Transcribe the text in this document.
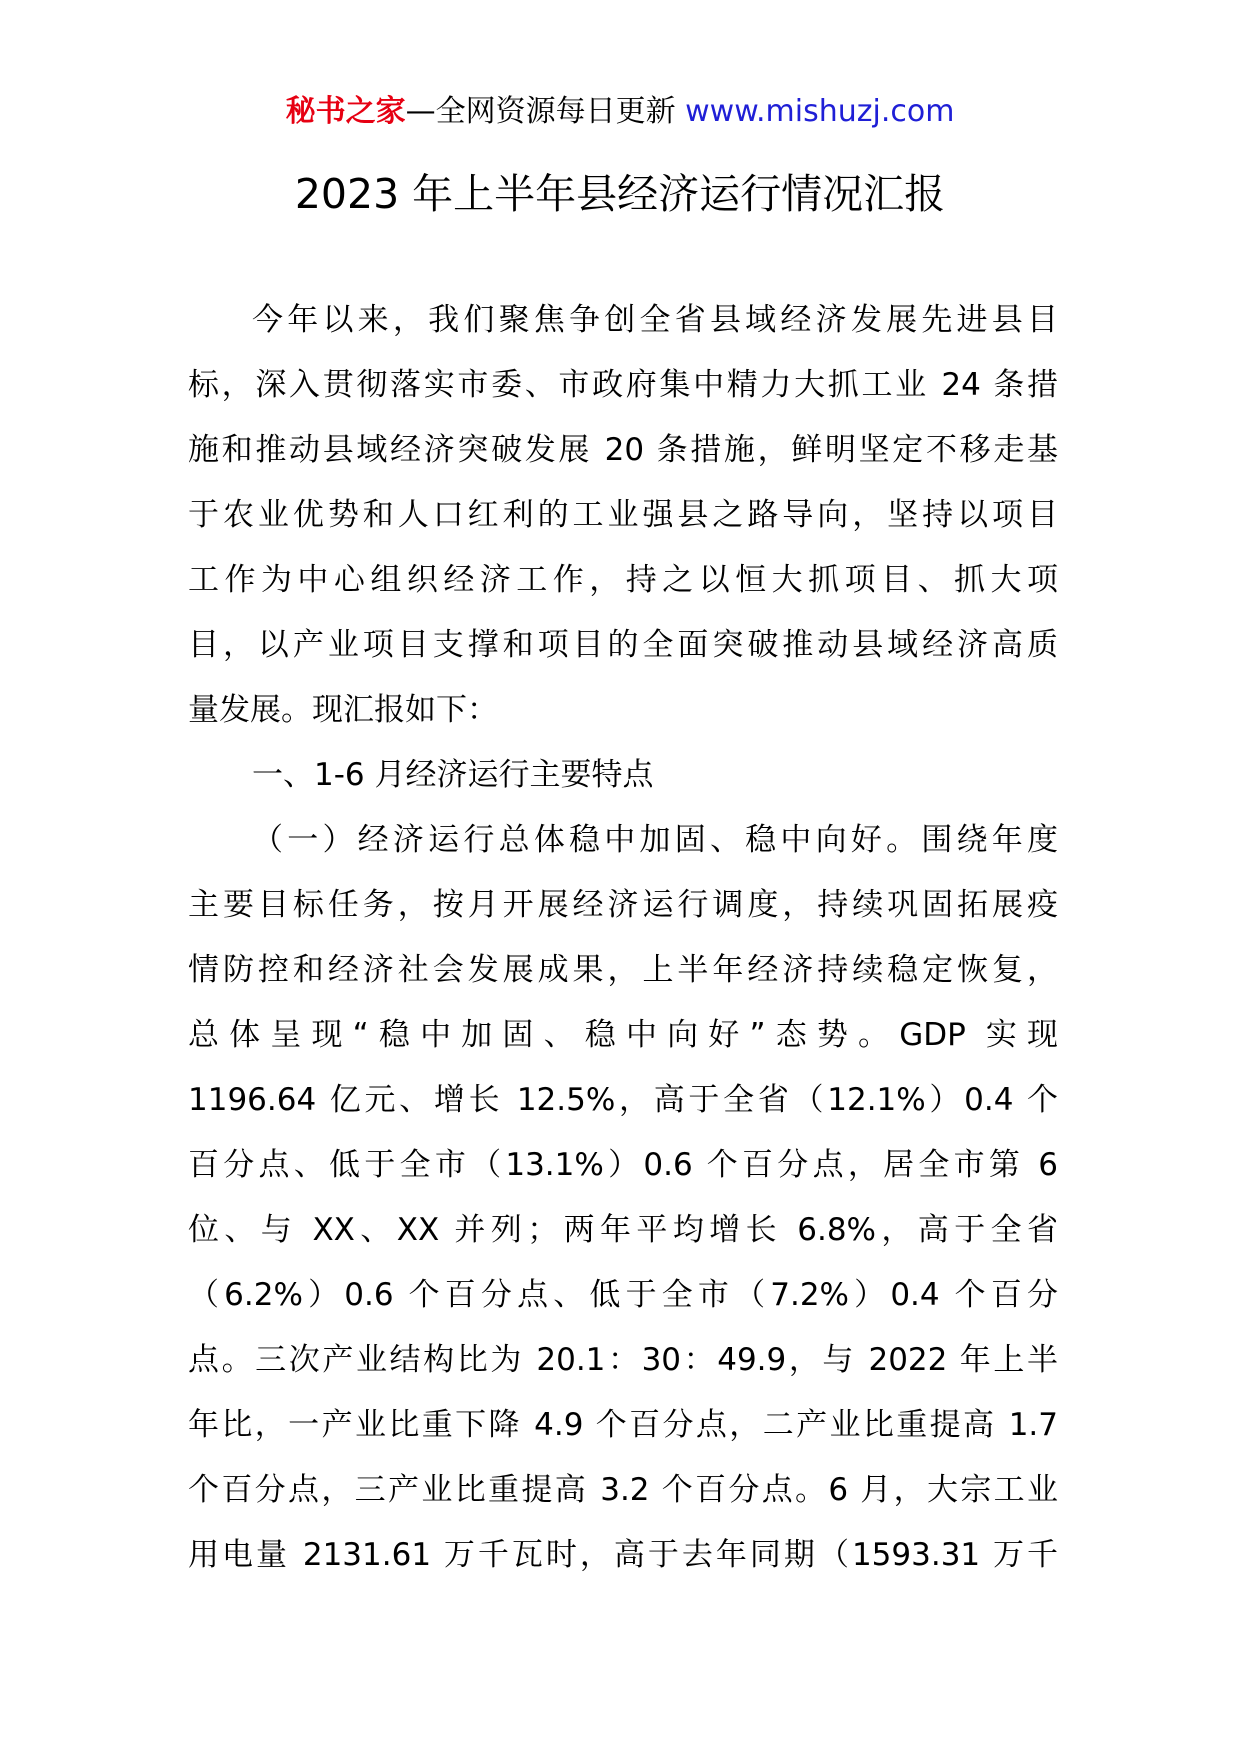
秘书之家—全网资源每日更新 www.mishuzj.com
2023 年上半年县经济运行情况汇报
今年以来，我们聚焦争创全省县域经济发展先进县目
标，深入贯彻落实市委、市政府集中精力大抓工业 24 条措
施和推动县域经济突破发展 20 条措施，鲜明坚定不移走基
于农业优势和人口红利的工业强县之路导向，坚持以项目
工作为中心组织经济工作，持之以恒大抓项目、抓大项
目，以产业项目支撑和项目的全面突破推动县域经济高质
量发展。现汇报如下：
一、1-6 月经济运行主要特点
（一）经济运行总体稳中加固、稳中向好。围绕年度
主要目标任务，按月开展经济运行调度，持续巩固拓展疫
情防控和经济社会发展成果，上半年经济持续稳定恢复，
总体呈现“稳中加固、稳中向好”态势。GDP 实现
1196.64 亿元、增长 12.5%，高于全省（12.1%）0.4 个
百分点、低于全市（13.1%）0.6 个百分点，居全市第 6
位、与 XX、XX 并列；两年平均增长 6.8%，高于全省
（6.2%）0.6 个百分点、低于全市（7.2%）0.4 个百分
点。三次产业结构比为 20.1：30：49.9，与 2022 年上半
年比，一产业比重下降 4.9 个百分点，二产业比重提高 1.7
个百分点，三产业比重提高 3.2 个百分点。6 月，大宗工业
用电量 2131.61 万千瓦时，高于去年同期（1593.31 万千
